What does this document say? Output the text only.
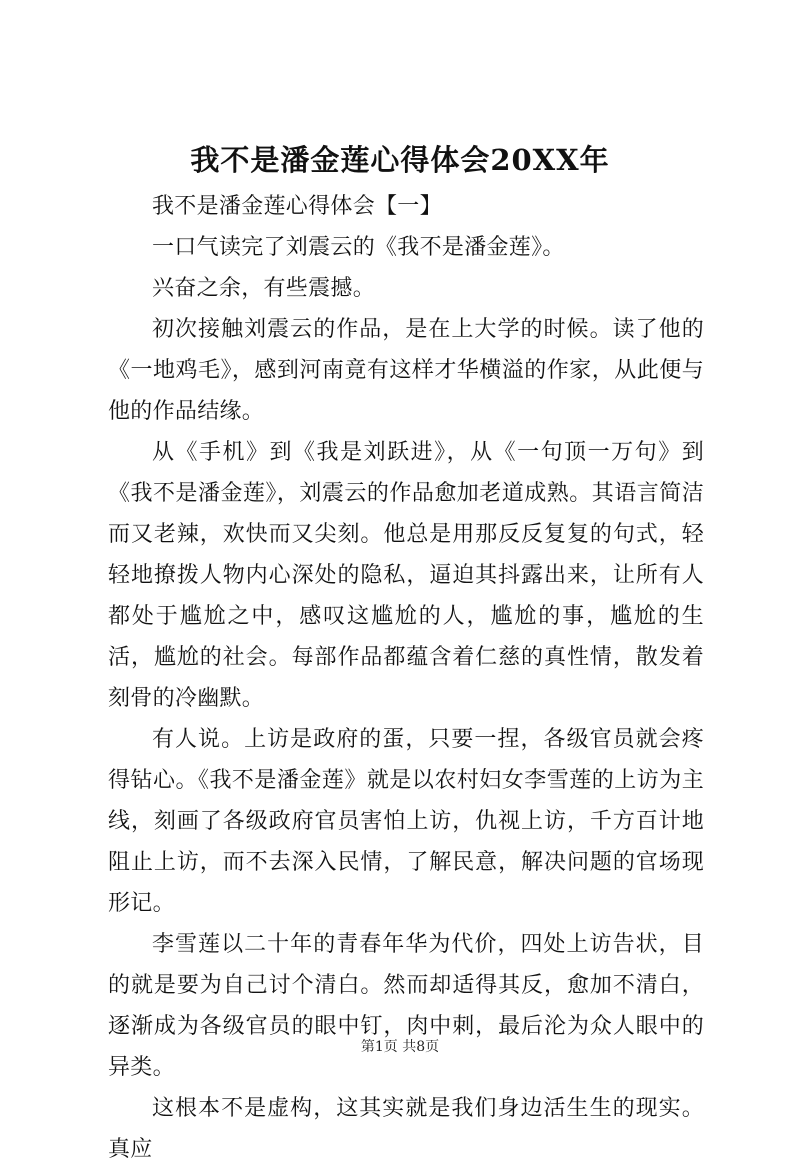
我不是潘金莲心得体会20XX年

我不是潘金莲心得体会【一】

一口气读完了刘震云的《我不是潘金莲》。

兴奋之余，有些震撼。

初次接触刘震云的作品，是在上大学的时候。读了他的《一地鸡毛》，感到河南竟有这样才华横溢的作家，从此便与他的作品结缘。

从《手机》到《我是刘跃进》，从《一句顶一万句》到《我不是潘金莲》，刘震云的作品愈加老道成熟。其语言简洁而又老辣，欢快而又尖刻。他总是用那反反复复的句式，轻轻地撩拨人物内心深处的隐私，逼迫其抖露出来，让所有人都处于尴尬之中，感叹这尴尬的人，尴尬的事，尴尬的生活，尴尬的社会。每部作品都蕴含着仁慈的真性情，散发着刻骨的冷幽默。

有人说。上访是政府的蛋，只要一捏，各级官员就会疼得钻心。《我不是潘金莲》就是以农村妇女李雪莲的上访为主线，刻画了各级政府官员害怕上访，仇视上访，千方百计地阻止上访，而不去深入民情，了解民意，解决问题的官场现形记。

李雪莲以二十年的青春年华为代价，四处上访告状，目的就是要为自己讨个清白。然而却适得其反，愈加不清白，逐渐成为各级官员的眼中钉，肉中刺，最后沦为众人眼中的异类。

这根本不是虚构，这其实就是我们身边活生生的现实。真应

第1页 共8页
